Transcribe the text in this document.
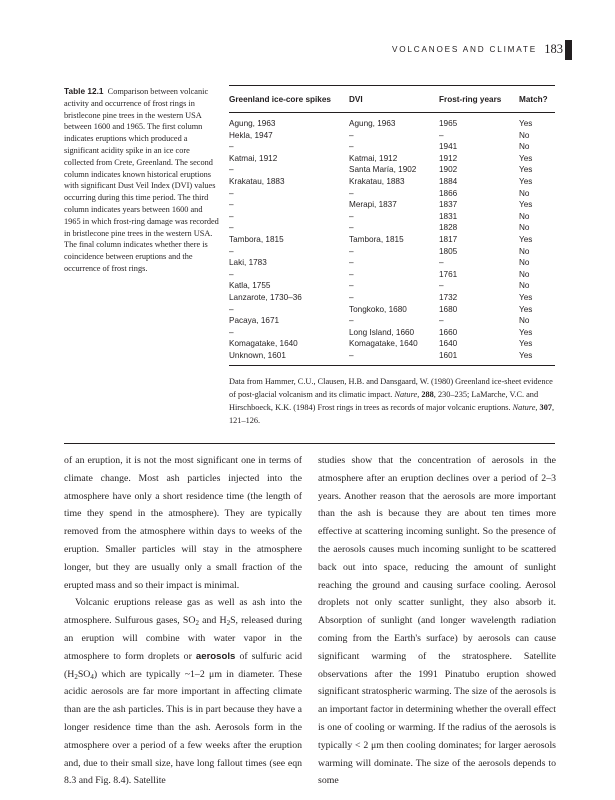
VOLCANOES AND CLIMATE 183
Table 12.1 Comparison between volcanic activity and occurrence of frost rings in bristlecone pine trees in the western USA between 1600 and 1965. The first column indicates eruptions which produced a significant acidity spike in an ice core collected from Crete, Greenland. The second column indicates known historical eruptions with significant Dust Veil Index (DVI) values occurring during this time period. The third column indicates years between 1600 and 1965 in which frost-ring damage was recorded in bristlecone pine trees in the western USA. The final column indicates whether there is coincidence between eruptions and the occurrence of frost rings.
Greenland ice-core spikes	DVI	Frost-ring years	Match?
Agung, 1963	Agung, 1963	1965	Yes
Hekla, 1947	–	–	No
–	–	1941	No
Katmai, 1912	Katmai, 1912	1912	Yes
–	Santa María, 1902	1902	Yes
Krakatau, 1883	Krakatau, 1883	1884	Yes
–	–	1866	No
–	Merapi, 1837	1837	Yes
–	–	1831	No
–	–	1828	No
Tambora, 1815	Tambora, 1815	1817	Yes
–	–	1805	No
Laki, 1783	–	–	No
–	–	1761	No
Katla, 1755	–	–	No
Lanzarote, 1730–36	–	1732	Yes
–	Tongkoko, 1680	1680	Yes
Pacaya, 1671	–	–	No
–	Long Island, 1660	1660	Yes
Komagatake, 1640	Komagatake, 1640	1640	Yes
Unknown, 1601	–	1601	Yes
Data from Hammer, C.U., Clausen, H.B. and Dansgaard, W. (1980) Greenland ice-sheet evidence of post-glacial volcanism and its climatic impact. Nature, 288, 230–235; LaMarche, V.C. and Hirschboeck, K.K. (1984) Frost rings in trees as records of major volcanic eruptions. Nature, 307, 121–126.

of an eruption, it is not the most significant one in terms of climate change. Most ash particles injected into the atmosphere have only a short residence time (the length of time they spend in the atmosphere). They are typically removed from the atmosphere within days to weeks of the eruption. Smaller particles will stay in the atmosphere longer, but they are usually only a small fraction of the erupted mass and so their impact is minimal.

Volcanic eruptions release gas as well as ash into the atmosphere. Sulfurous gases, $SO_2$ and $H_2S$, released during an eruption will combine with water vapor in the atmosphere to form droplets or aerosols of sulfuric acid $(H_2SO_4)$ which are typically ~1–2 μm in diameter. These acidic aerosols are far more important in affecting climate than are the ash particles. This is in part because they have a longer residence time than the ash. Aerosols form in the atmosphere over a period of a few weeks after the eruption and, due to their small size, have long fallout times (see eqn 8.3 and Fig. 8.4). Satellite

studies show that the concentration of aerosols in the atmosphere after an eruption declines over a period of 2–3 years. Another reason that the aerosols are more important than the ash is because they are about ten times more effective at scattering incoming sunlight. So the presence of the aerosols causes much incoming sunlight to be scattered back out into space, reducing the amount of sunlight reaching the ground and causing surface cooling. Aerosol droplets not only scatter sunlight, they also absorb it. Absorption of sunlight (and longer wavelength radiation coming from the Earth's surface) by aerosols can cause significant warming of the stratosphere. Satellite observations after the 1991 Pinatubo eruption showed significant stratospheric warming. The size of the aerosols is an important factor in determining whether the overall effect is one of cooling or warming. If the radius of the aerosols is typically < 2 μm then cooling dominates; for larger aerosols warming will dominate. The size of the aerosols depends to some
